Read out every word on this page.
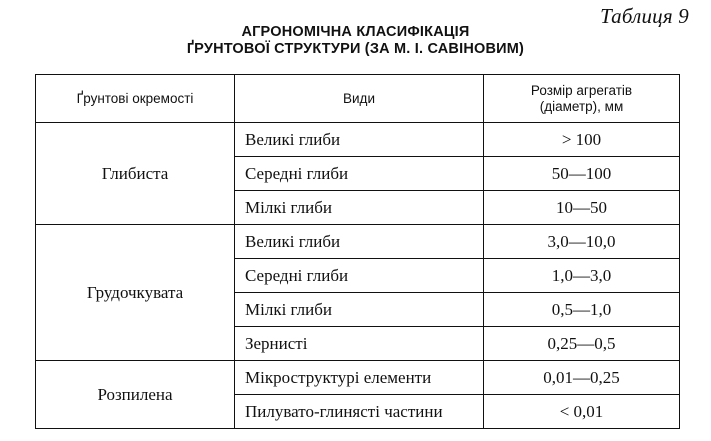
Таблиця 9
АГРОНОМІЧНА КЛАСИФІКАЦІЯ
ҐРУНТОВОЇ СТРУКТУРИ (ЗА М. І. САВІНОВИМ)
Ґрунтові окремості	Види	Розмір агрегатів
(діаметр), мм

Глибиста	Великі глиби	> 100
	Середні глиби	50—100
	Мілкі глиби	10—50
Грудочкувата	Великі глиби	3,0—10,0
	Середні глиби	1,0—3,0
	Мілкі глиби	0,5—1,0
	Зернисті	0,25—0,5
Розпилена	Мікроструктурі елементи	0,01—0,25
	Пилувато-глинясті частини	< 0,01
